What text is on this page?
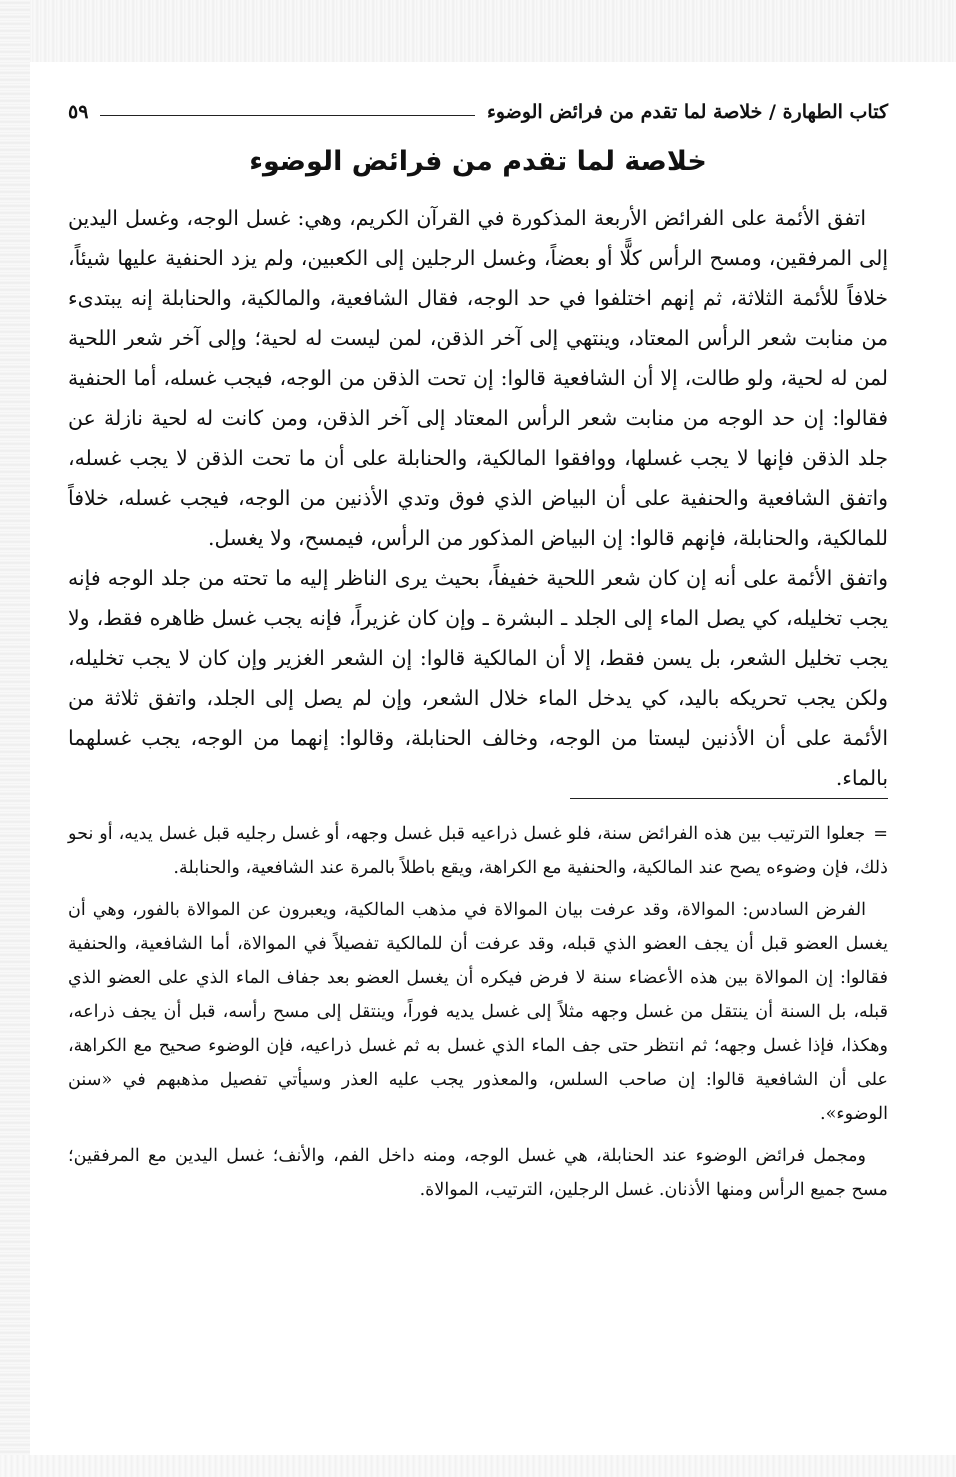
كتاب الطهارة / خلاصة لما تقدم من فرائض الوضوء
٥٩
خلاصة لما تقدم من فرائض الوضوء

اتفق الأئمة على الفرائض الأربعة المذكورة في القرآن الكريم، وهي: غسل الوجه، وغسل اليدين إلى المرفقين، ومسح الرأس كلًّا أو بعضاً، وغسل الرجلين إلى الكعبين، ولم يزد الحنفية عليها شيئاً، خلافاً للأئمة الثلاثة، ثم إنهم اختلفوا في حد الوجه، فقال الشافعية، والمالكية، والحنابلة إنه يبتدىء من منابت شعر الرأس المعتاد، وينتهي إلى آخر الذقن، لمن ليست له لحية؛ وإلى آخر شعر اللحية لمن له لحية، ولو طالت، إلا أن الشافعية قالوا: إن تحت الذقن من الوجه، فيجب غسله، أما الحنفية فقالوا: إن حد الوجه من منابت شعر الرأس المعتاد إلى آخر الذقن، ومن كانت له لحية نازلة عن جلد الذقن فإنها لا يجب غسلها، ووافقوا المالكية، والحنابلة على أن ما تحت الذقن لا يجب غسله، واتفق الشافعية والحنفية على أن البياض الذي فوق وتدي الأذنين من الوجه، فيجب غسله، خلافاً للمالكية، والحنابلة، فإنهم قالوا: إن البياض المذكور من الرأس، فيمسح، ولا يغسل.

واتفق الأئمة على أنه إن كان شعر اللحية خفيفاً، بحيث يرى الناظر إليه ما تحته من جلد الوجه فإنه يجب تخليله، كي يصل الماء إلى الجلد ـ البشرة ـ وإن كان غزيراً، فإنه يجب غسل ظاهره فقط، ولا يجب تخليل الشعر، بل يسن فقط، إلا أن المالكية قالوا: إن الشعر الغزير وإن كان لا يجب تخليله، ولكن يجب تحريكه باليد، كي يدخل الماء خلال الشعر، وإن لم يصل إلى الجلد، واتفق ثلاثة من الأئمة على أن الأذنين ليستا من الوجه، وخالف الحنابلة، وقالوا: إنهما من الوجه، يجب غسلهما بالماء.

=جعلوا الترتيب بين هذه الفرائض سنة، فلو غسل ذراعيه قبل غسل وجهه، أو غسل رجليه قبل غسل يديه، أو نحو ذلك، فإن وضوءه يصح عند المالكية، والحنفية مع الكراهة، ويقع باطلاً بالمرة عند الشافعية، والحنابلة.

الفرض السادس: الموالاة، وقد عرفت بيان الموالاة في مذهب المالكية، ويعبرون عن الموالاة بالفور، وهي أن يغسل العضو قبل أن يجف العضو الذي قبله، وقد عرفت أن للمالكية تفصيلاً في الموالاة، أما الشافعية، والحنفية فقالوا: إن الموالاة بين هذه الأعضاء سنة لا فرض فيكره أن يغسل العضو بعد جفاف الماء الذي على العضو الذي قبله، بل السنة أن ينتقل من غسل وجهه مثلاً إلى غسل يديه فوراً، وينتقل إلى مسح رأسه، قبل أن يجف ذراعه، وهكذا، فإذا غسل وجهه؛ ثم انتظر حتى جف الماء الذي غسل به ثم غسل ذراعيه، فإن الوضوء صحيح مع الكراهة، على أن الشافعية قالوا: إن صاحب السلس، والمعذور يجب عليه العذر وسيأتي تفصيل مذهبهم في «سنن الوضوء».

ومجمل فرائض الوضوء عند الحنابلة، هي غسل الوجه، ومنه داخل الفم، والأنف؛ غسل اليدين مع المرفقين؛ مسح جميع الرأس ومنها الأذنان. غسل الرجلين، الترتيب، الموالاة.
